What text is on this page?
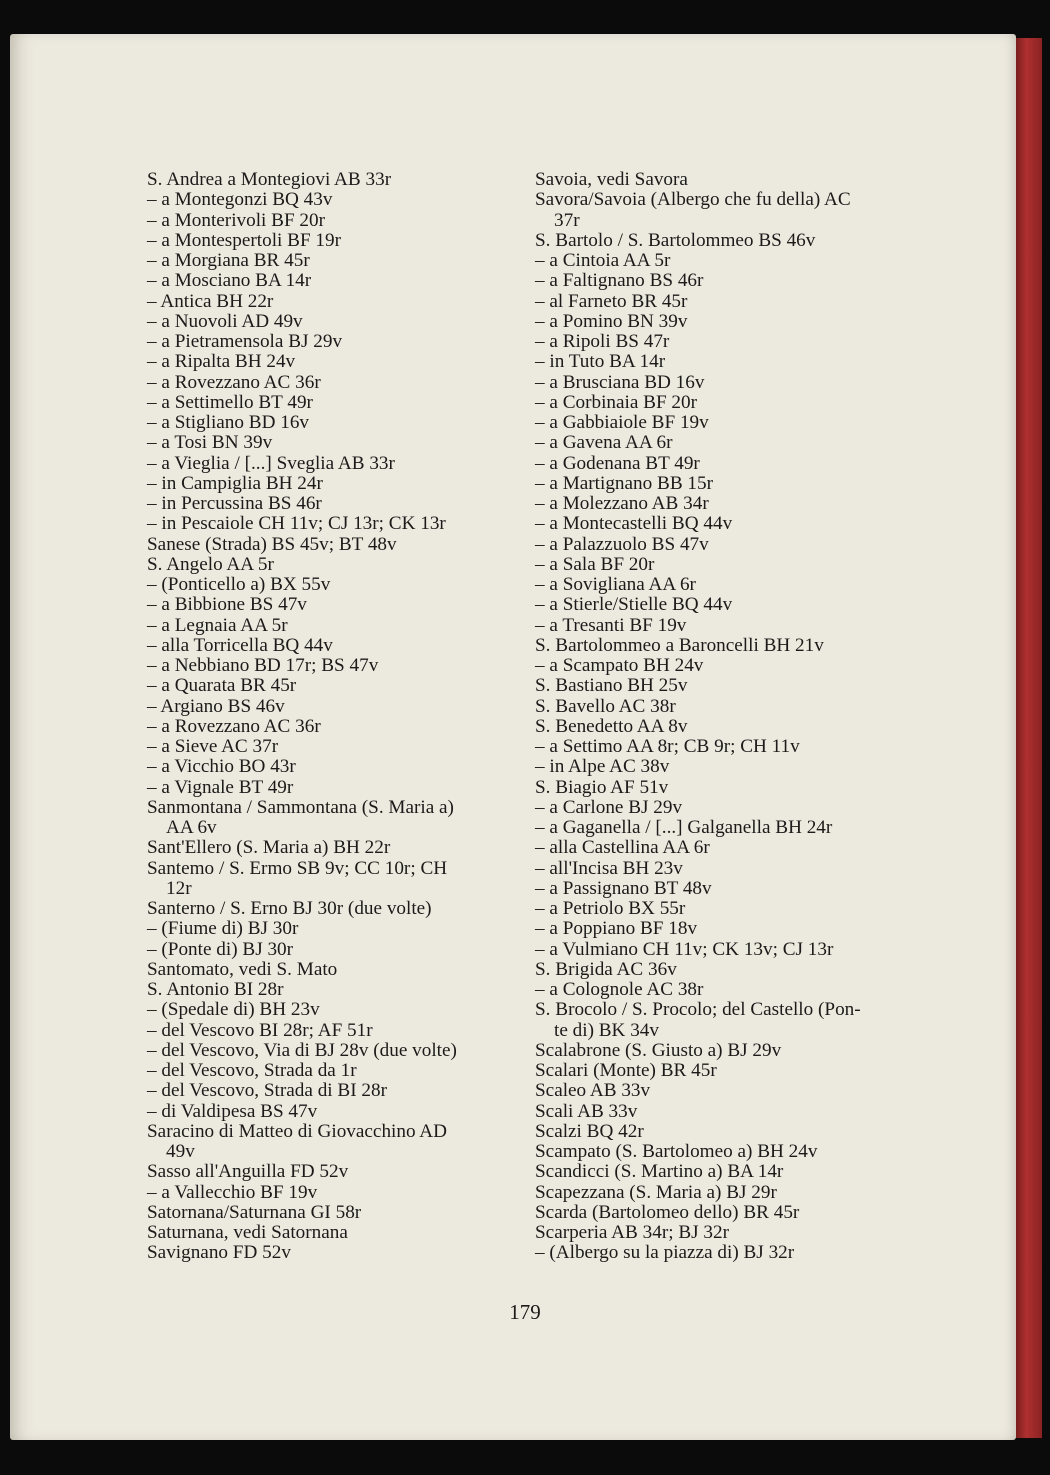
S. Andrea a Montegiovi AB 33r

– a Montegonzi BQ 43v

– a Monterivoli BF 20r

– a Montespertoli BF 19r

– a Morgiana BR 45r

– a Mosciano BA 14r

– Antica BH 22r

– a Nuovoli AD 49v

– a Pietramensola BJ 29v

– a Ripalta BH 24v

– a Rovezzano AC 36r

– a Settimello BT 49r

– a Stigliano BD 16v

– a Tosi BN 39v

– a Vieglia / [...] Sveglia AB 33r

– in Campiglia BH 24r

– in Percussina BS 46r

– in Pescaiole CH 11v; CJ 13r; CK 13r

Sanese (Strada) BS 45v; BT 48v

S. Angelo AA 5r

– (Ponticello a) BX 55v

– a Bibbione BS 47v

– a Legnaia AA 5r

– alla Torricella BQ 44v

– a Nebbiano BD 17r; BS 47v

– a Quarata BR 45r

– Argiano BS 46v

– a Rovezzano AC 36r

– a Sieve AC 37r

– a Vicchio BO 43r

– a Vignale BT 49r

Sanmontana / Sammontana (S. Maria a)
AA 6v

Sant'Ellero (S. Maria a) BH 22r

Santemo / S. Ermo SB 9v; CC 10r; CH
12r

Santerno / S. Erno BJ 30r (due volte)

– (Fiume di) BJ 30r

– (Ponte di) BJ 30r

Santomato, vedi S. Mato

S. Antonio BI 28r

– (Spedale di) BH 23v

– del Vescovo BI 28r; AF 51r

– del Vescovo, Via di BJ 28v (due volte)

– del Vescovo, Strada da 1r

– del Vescovo, Strada di BI 28r

– di Valdipesa BS 47v

Saracino di Matteo di Giovacchino AD
49v

Sasso all'Anguilla FD 52v

– a Vallecchio BF 19v

Satornana/Saturnana GI 58r

Saturnana, vedi Satornana

Savignano FD 52v

Savoia, vedi Savora

Savora/Savoia (Albergo che fu della) AC
37r

S. Bartolo / S. Bartolommeo BS 46v

– a Cintoia AA 5r

– a Faltignano BS 46r

– al Farneto BR 45r

– a Pomino BN 39v

– a Ripoli BS 47r

– in Tuto BA 14r

– a Brusciana BD 16v

– a Corbinaia BF 20r

– a Gabbiaiole BF 19v

– a Gavena AA 6r

– a Godenana BT 49r

– a Martignano BB 15r

– a Molezzano AB 34r

– a Montecastelli BQ 44v

– a Palazzuolo BS 47v

– a Sala BF 20r

– a Sovigliana AA 6r

– a Stierle/Stielle BQ 44v

– a Tresanti BF 19v

S. Bartolommeo a Baroncelli BH 21v

– a Scampato BH 24v

S. Bastiano BH 25v

S. Bavello AC 38r

S. Benedetto AA 8v

– a Settimo AA 8r; CB 9r; CH 11v

– in Alpe AC 38v

S. Biagio AF 51v

– a Carlone BJ 29v

– a Gaganella / [...] Galganella BH 24r

– alla Castellina AA 6r

– all'Incisa BH 23v

– a Passignano BT 48v

– a Petriolo BX 55r

– a Poppiano BF 18v

– a Vulmiano CH 11v; CK 13v; CJ 13r

S. Brigida AC 36v

– a Colognole AC 38r

S. Brocolo / S. Procolo; del Castello (Pon-
te di) BK 34v

Scalabrone (S. Giusto a) BJ 29v

Scalari (Monte) BR 45r

Scaleo AB 33v

Scali AB 33v

Scalzi BQ 42r

Scampato (S. Bartolomeo a) BH 24v

Scandicci (S. Martino a) BA 14r

Scapezzana (S. Maria a) BJ 29r

Scarda (Bartolomeo dello) BR 45r

Scarperia AB 34r; BJ 32r

– (Albergo su la piazza di) BJ 32r

179
